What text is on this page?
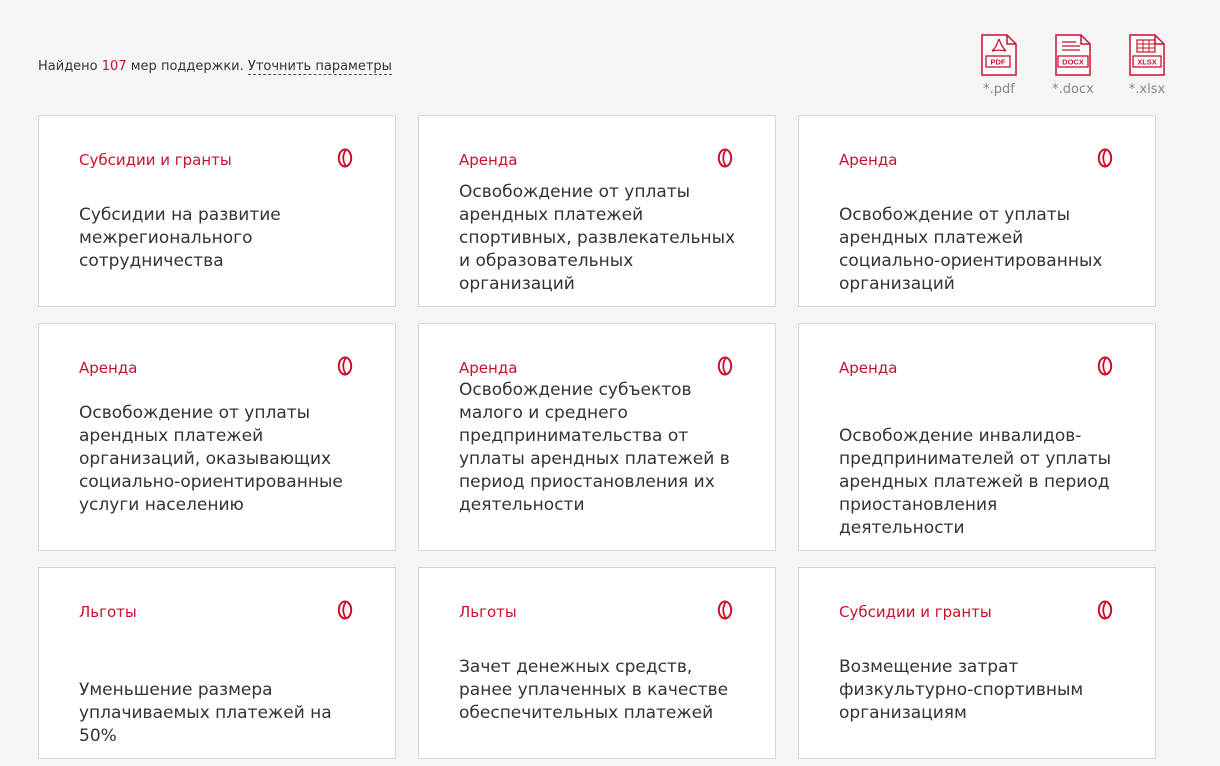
Найдено 107 мер поддержки. Уточнить параметры	PDF
*.pdf
DOCX
*.docx
XLSX
*.xlsx
Субсидии и гранты
Субсидии на развитие межрегионального сотрудничества
Аренда
Освобождение от уплаты арендных платежей спортивных, развлекательных и образовательных организаций
Аренда
Освобождение от уплаты арендных платежей социально-ориентированных организаций
Аренда
Освобождение от уплаты арендных платежей организаций, оказывающих социально-ориентированные услуги населению
Аренда
Освобождение субъектов малого и среднего предпринимательства от уплаты арендных платежей в период приостановления их деятельности
Аренда
Освобождение инвалидов-предпринимателей от уплаты арендных платежей в период приостановления деятельности
Льготы
Уменьшение размера уплачиваемых платежей на 50%
Льготы
Зачет денежных средств, ранее уплаченных в качестве обеспечительных платежей
Субсидии и гранты
Возмещение затрат физкультурно-спортивным организациям
